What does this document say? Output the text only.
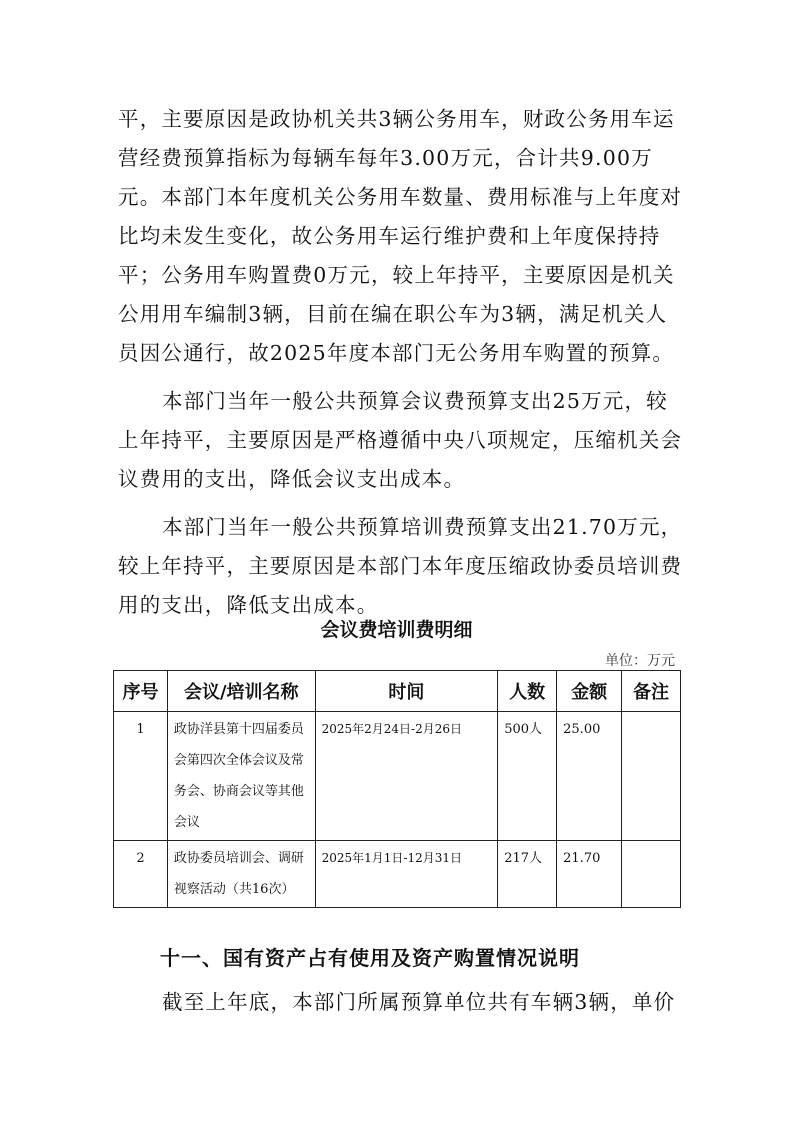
平，主要原因是政协机关共3辆公务用车，财政公务用车运营经费预算指标为每辆车每年3.00万元，合计共9.00万元。本部门本年度机关公务用车数量、费用标准与上年度对比均未发生变化，故公务用车运行维护费和上年度保持持平；公务用车购置费0万元，较上年持平，主要原因是机关公用用车编制3辆，目前在编在职公车为3辆，满足机关人员因公通行，故2025年度本部门无公务用车购置的预算。

本部门当年一般公共预算会议费预算支出25万元，较上年持平，主要原因是严格遵循中央八项规定，压缩机关会议费用的支出，降低会议支出成本。

本部门当年一般公共预算培训费预算支出21.70万元，较上年持平，主要原因是本部门本年度压缩政协委员培训费用的支出，降低支出成本。

会议费培训费明细
单位：万元
序号	会议/培训名称	时间	人数	金额	备注
1	政协洋县第十四届委员会第四次全体会议及常务会、协商会议等其他会议	2025年2月24日-2月26日	500人	25.00	
2	政协委员培训会、调研视察活动（共16次）	2025年1月1日-12月31日	217人	21.70	
十一、国有资产占有使用及资产购置情况说明

截至上年底，本部门所属预算单位共有车辆3辆，单价
